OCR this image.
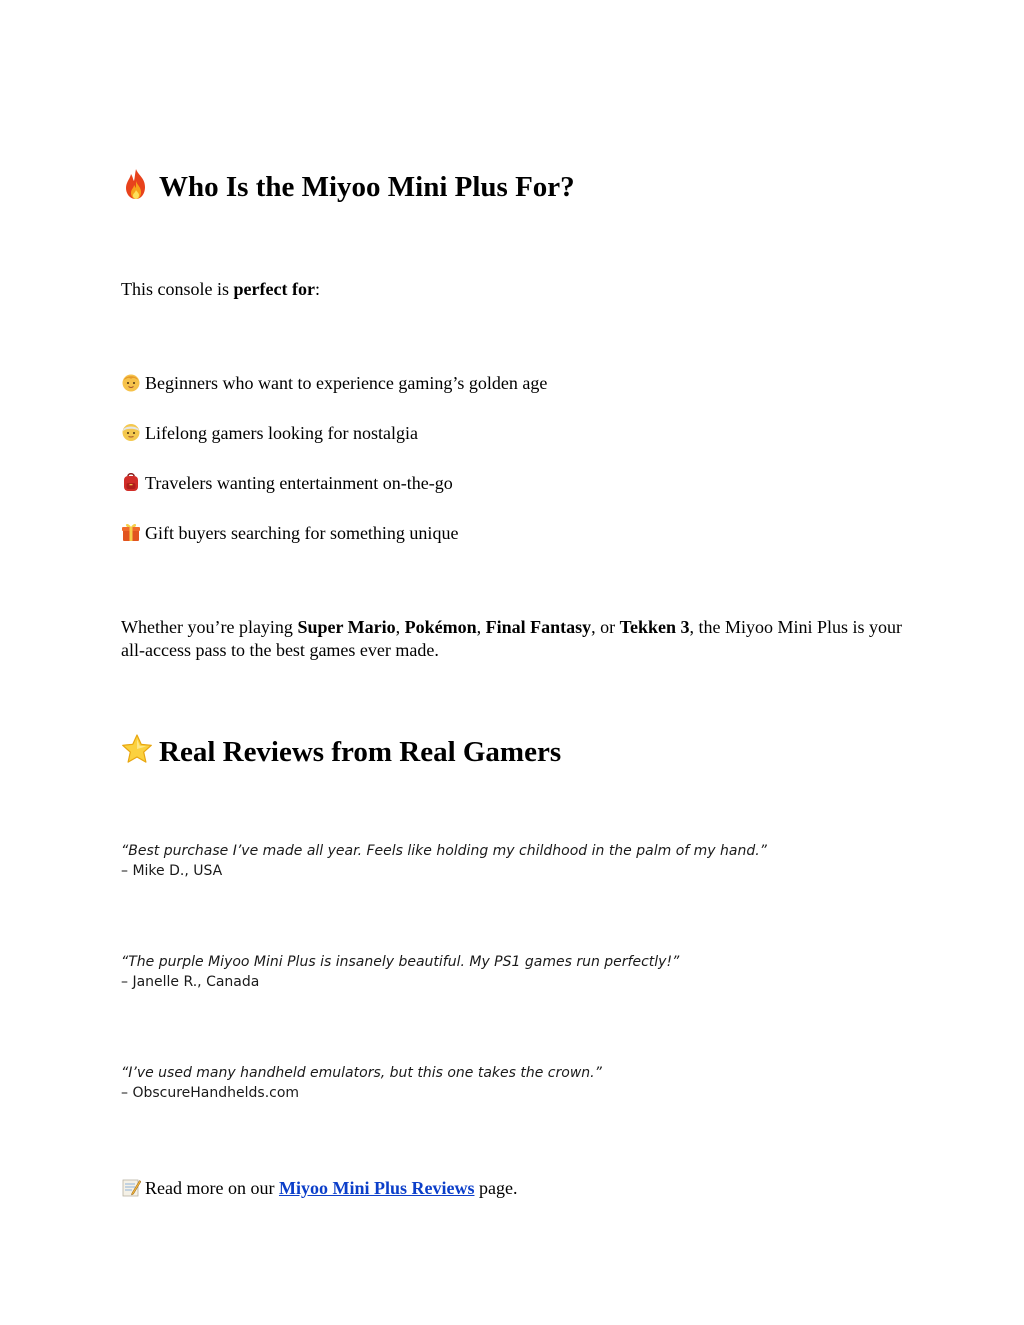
Who Is the Miyoo Mini Plus For?
This console is perfect for:
Beginners who want to experience gaming’s golden age
Lifelong gamers looking for nostalgia
Travelers wanting entertainment on-the-go
Gift buyers searching for something unique
Whether you’re playing Super Mario, Pokémon, Final Fantasy, or Tekken 3, the Miyoo Mini Plus is your all-access pass to the best games ever made.
Real Reviews from Real Gamers
“Best purchase I’ve made all year. Feels like holding my childhood in the palm of my hand.”
– Mike D., USA
“The purple Miyoo Mini Plus is insanely beautiful. My PS1 games run perfectly!”
– Janelle R., Canada
“I’ve used many handheld emulators, but this one takes the crown.”
– ObscureHandhelds.com
Read more on our Miyoo Mini Plus Reviews page.
